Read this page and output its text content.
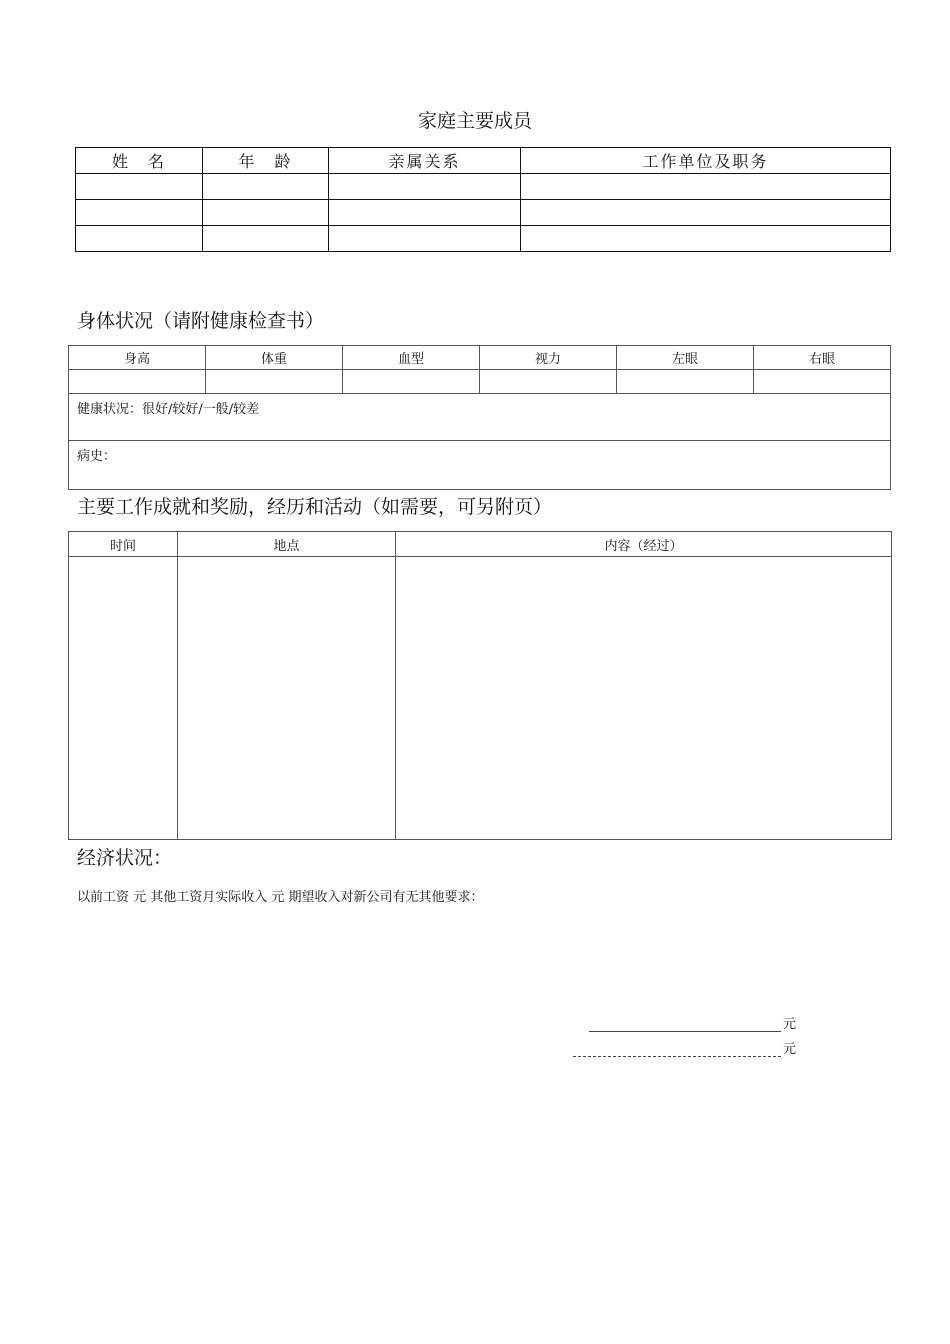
家庭主要成员
姓　名	年　龄	亲属关系	工作单位及职务

身体状况（请附健康检查书）
身高	体重	血型	视力	左眼	右眼

健康状况：很好/较好/一般/较差					
病史：					
主要工作成就和奖励，经历和活动（如需要，可另附页）
时间	地点	内容（经过）

经济状况：
以前工资 元 其他工资月实际收入 元 期望收入对新公司有无其他要求：
元
元
